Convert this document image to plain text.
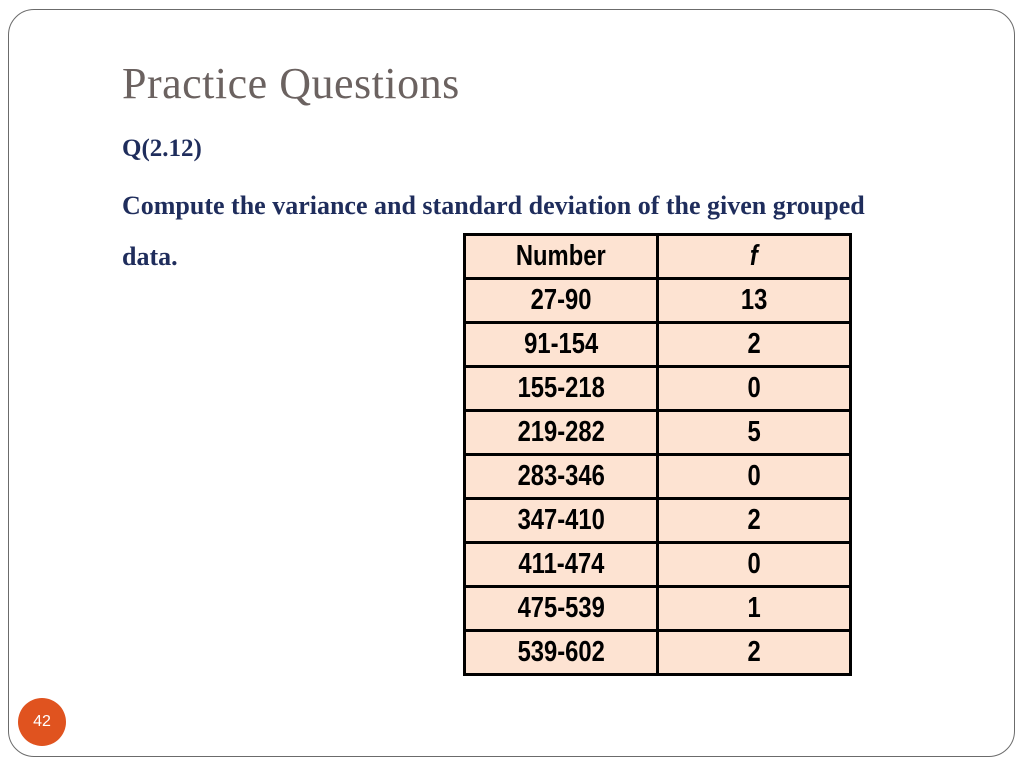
Practice Questions
Q(2.12)
Compute the variance and standard deviation of the given grouped data.	Number	f
27-90	13
91-154	2
155-218	0
219-282	5
283-346	0
347-410	2
411-474	0
475-539	1
539-602	2
42
